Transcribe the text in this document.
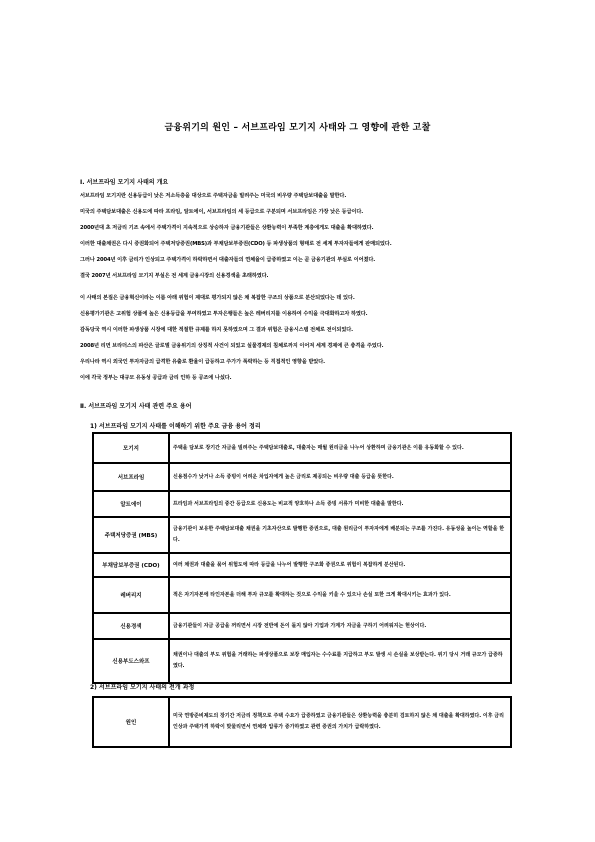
금융위기의 원인 – 서브프라임 모기지 사태와 그 영향에 관한 고찰
Ⅰ. 서브프라임 모기지 사태의 개요
서브프라임 모기지란 신용등급이 낮은 저소득층을 대상으로 주택자금을 빌려주는 미국의 비우량 주택담보대출을 말한다.
미국의 주택담보대출은 신용도에 따라 프라임, 알트에이, 서브프라임의 세 등급으로 구분되며 서브프라임은 가장 낮은 등급이다.
2000년대 초 저금리 기조 속에서 주택가격이 지속적으로 상승하자 금융기관들은 상환능력이 부족한 계층에게도 대출을 확대하였다.
이러한 대출채권은 다시 증권화되어 주택저당증권(MBS)과 부채담보부증권(CDO) 등 파생상품의 형태로 전 세계 투자자들에게 판매되었다.
그러나 2004년 이후 금리가 인상되고 주택가격이 하락하면서 대출자들의 연체율이 급증하였고 이는 곧 금융기관의 부실로 이어졌다.
결국 2007년 서브프라임 모기지 부실은 전 세계 금융시장의 신용경색을 초래하였다.
이 사태의 본질은 금융혁신이라는 이름 아래 위험이 제대로 평가되지 않은 채 복잡한 구조의 상품으로 분산되었다는 데 있다.
신용평가기관은 고위험 상품에 높은 신용등급을 부여하였고 투자은행들은 높은 레버리지를 이용하여 수익을 극대화하고자 하였다.
감독당국 역시 이러한 파생상품 시장에 대한 적절한 규제를 하지 못하였으며 그 결과 위험은 금융시스템 전체로 전이되었다.
2008년 리먼 브라더스의 파산은 글로벌 금융위기의 상징적 사건이 되었고 실물경제의 침체로까지 이어져 세계 경제에 큰 충격을 주었다.
우리나라 역시 외국인 투자자금의 급격한 유출로 환율이 급등하고 주가가 폭락하는 등 직접적인 영향을 받았다.
이에 각국 정부는 대규모 유동성 공급과 금리 인하 등 공조에 나섰다.
Ⅱ. 서브프라임 모기지 사태 관련 주요 용어
1) 서브프라임 모기지 사태를 이해하기 위한 주요 금융 용어 정리
모기지	주택을 담보로 장기간 자금을 빌려주는 주택담보대출로, 대출자는 매월 원리금을 나누어 상환하며 금융기관은 이를 유동화할 수 있다.
서브프라임	신용점수가 낮거나 소득 증빙이 어려운 차입자에게 높은 금리로 제공되는 비우량 대출 등급을 뜻한다.
알트에이	프라임과 서브프라임의 중간 등급으로 신용도는 비교적 양호하나 소득 증빙 서류가 미비한 대출을 말한다.
주택저당증권 (MBS)	금융기관이 보유한 주택담보대출 채권을 기초자산으로 발행한 증권으로, 대출 원리금이 투자자에게 배분되는 구조를 가진다. 유동성을 높이는 역할을 한다.
부채담보부증권 (CDO)	여러 채권과 대출을 묶어 위험도에 따라 등급을 나누어 발행한 구조화 증권으로 위험이 복잡하게 분산된다.
레버리지	적은 자기자본에 타인자본을 더해 투자 규모를 확대하는 것으로 수익을 키울 수 있으나 손실 또한 크게 확대시키는 효과가 있다.
신용경색	금융기관들이 자금 공급을 꺼리면서 시장 전반에 돈이 돌지 않아 기업과 가계가 자금을 구하기 어려워지는 현상이다.
신용부도스와프	채권이나 대출의 부도 위험을 거래하는 파생상품으로 보장 매입자는 수수료를 지급하고 부도 발생 시 손실을 보상받는다. 위기 당시 거래 규모가 급증하였다.
2) 서브프라임 모기지 사태의 전개 과정
원인	미국 연방준비제도의 장기간 저금리 정책으로 주택 수요가 급증하였고 금융기관들은 상환능력을 충분히 검토하지 않은 채 대출을 확대하였다. 이후 금리 인상과 주택가격 하락이 맞물리면서 연체와 압류가 증가하였고 관련 증권의 가치가 급락하였다.
